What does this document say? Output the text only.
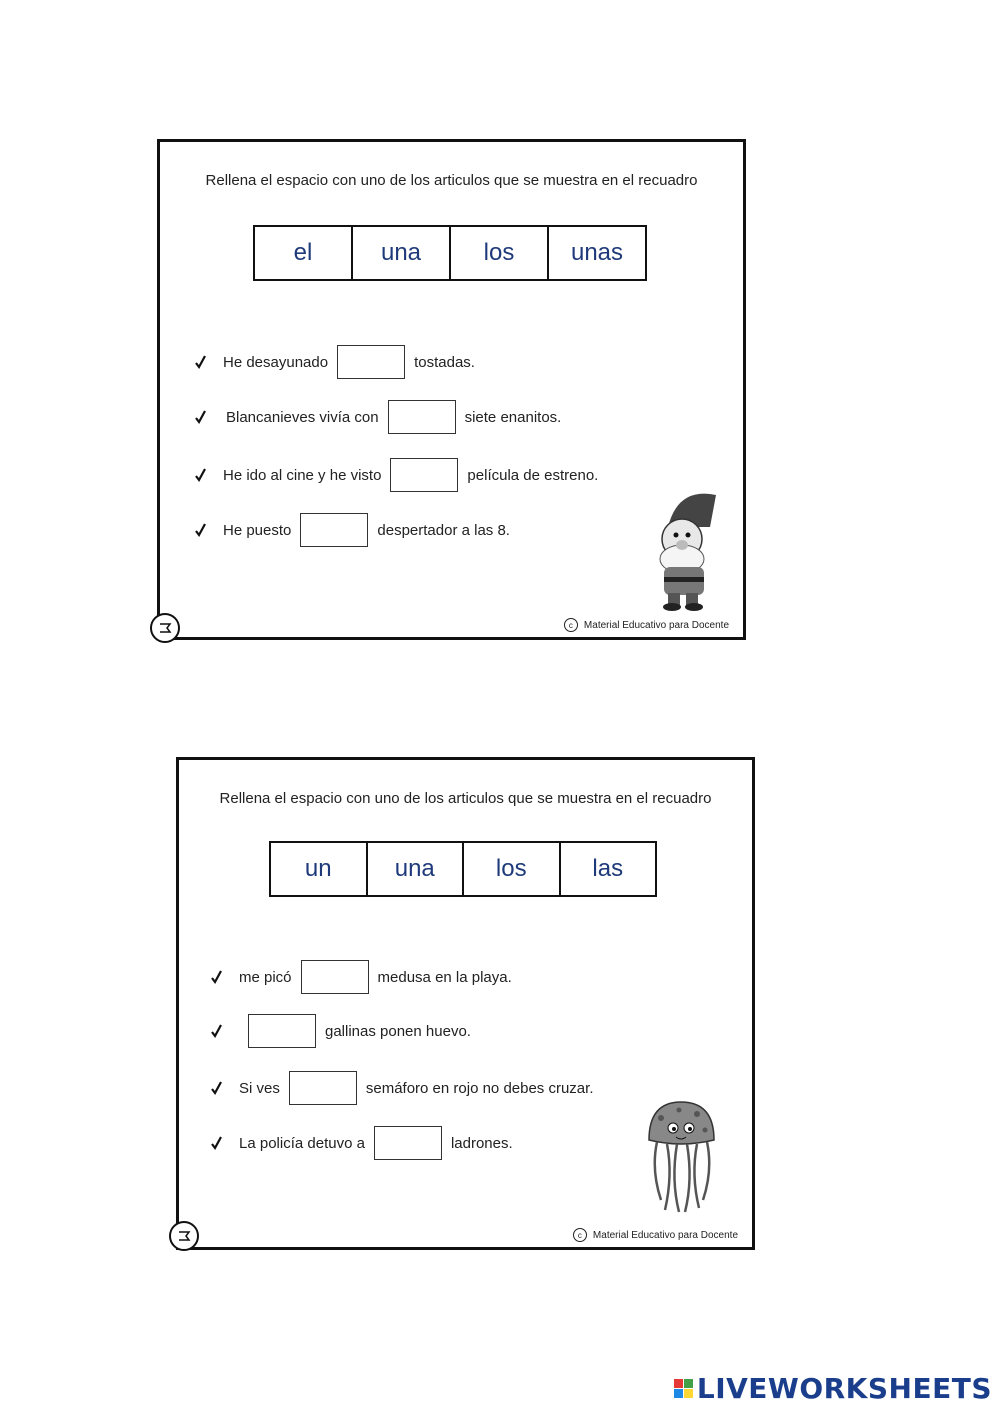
Rellena el espacio con uno de los articulos que se muestra en el recuadro
el	una	los	unas
He desayunado	tostadas.
Blancanieves vivía con	siete enanitos.
He ido al cine y he visto	película de estreno.
He puesto	despertador a las 8.
c	Material Educativo para Docente
Rellena el espacio con uno de los articulos que se muestra en el recuadro
un	una	los	las
me picó	medusa en la playa.
gallinas ponen huevo.
Si ves	semáforo en rojo no debes cruzar.
La policía detuvo a	ladrones.
c	Material Educativo para Docente
LIVEWORKSHEETS
